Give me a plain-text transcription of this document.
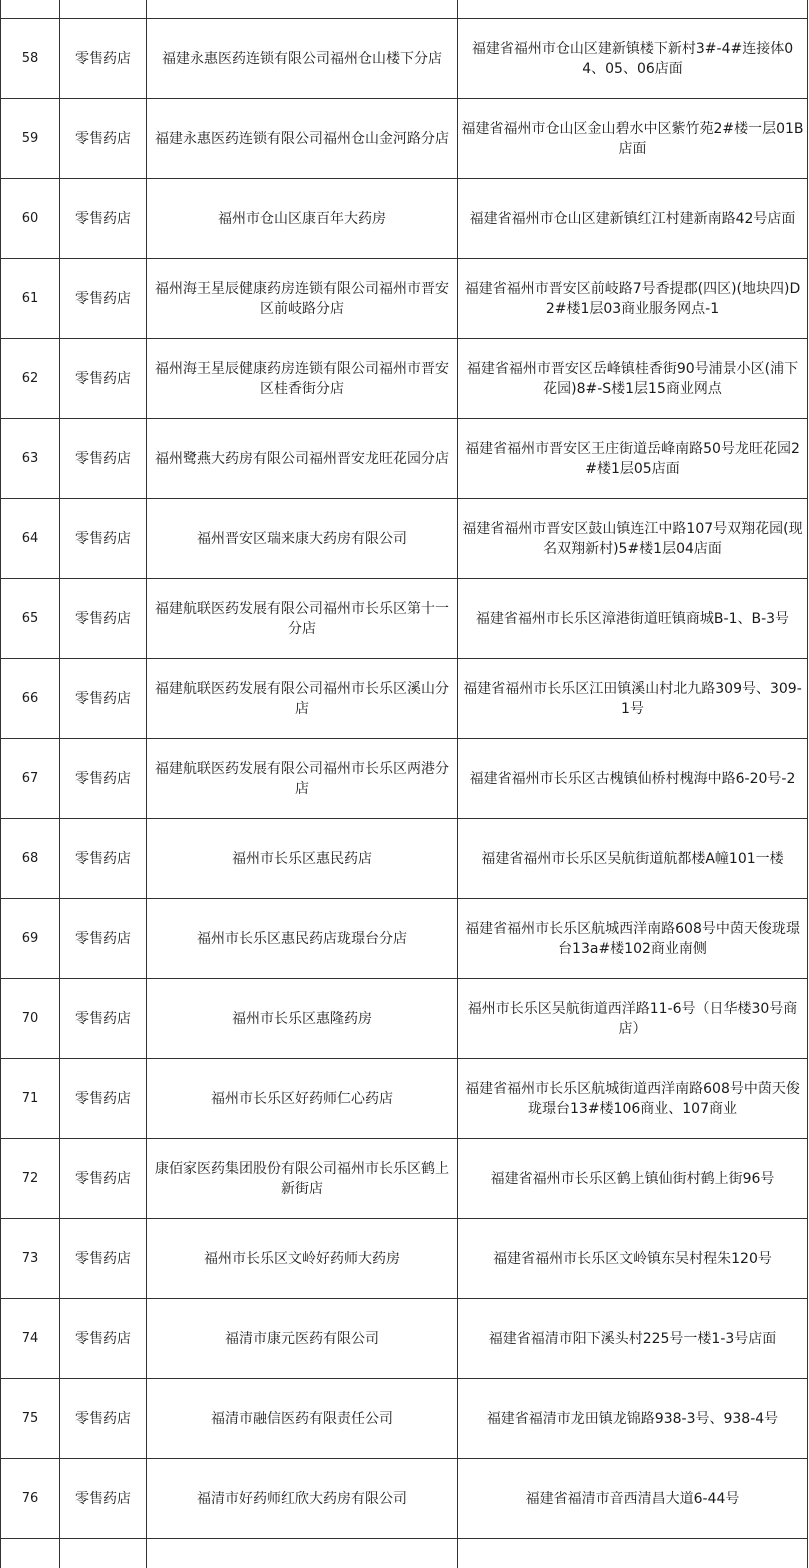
58	零售药店	福建永惠医药连锁有限公司福州仓山楼下分店	福建省福州市仓山区建新镇楼下新村3#-4#连接体04、05、06店面
59	零售药店	福建永惠医药连锁有限公司福州仓山金河路分店	福建省福州市仓山区金山碧水中区紫竹苑2#楼一层01B店面
60	零售药店	福州市仓山区康百年大药房	福建省福州市仓山区建新镇红江村建新南路42号店面
61	零售药店	福州海王星辰健康药房连锁有限公司福州市晋安区前岐路分店	福建省福州市晋安区前岐路7号香提郡(四区)(地块四)D2#楼1层03商业服务网点-1
62	零售药店	福州海王星辰健康药房连锁有限公司福州市晋安区桂香街分店	福建省福州市晋安区岳峰镇桂香街90号浦景小区(浦下花园)8#-S楼1层15商业网点
63	零售药店	福州鹭燕大药房有限公司福州晋安龙旺花园分店	福建省福州市晋安区王庄街道岳峰南路50号龙旺花园2#楼1层05店面
64	零售药店	福州晋安区瑞来康大药房有限公司	福建省福州市晋安区鼓山镇连江中路107号双翔花园(现名双翔新村)5#楼1层04店面
65	零售药店	福建航联医药发展有限公司福州市长乐区第十一分店	福建省福州市长乐区漳港街道旺镇商城B-1、B-3号
66	零售药店	福建航联医药发展有限公司福州市长乐区溪山分店	福建省福州市长乐区江田镇溪山村北九路309号、309-1号
67	零售药店	福建航联医药发展有限公司福州市长乐区两港分店	福建省福州市长乐区古槐镇仙桥村槐海中路6-20号-2
68	零售药店	福州市长乐区惠民药店	福建省福州市长乐区吴航街道航都楼A幢101一楼
69	零售药店	福州市长乐区惠民药店珑璟台分店	福建省福州市长乐区航城西洋南路608号中茵天俊珑璟台13a#楼102商业南侧
70	零售药店	福州市长乐区惠隆药房	福州市长乐区吴航街道西洋路11-6号（日华楼30号商店）
71	零售药店	福州市长乐区好药师仁心药店	福建省福州市长乐区航城街道西洋南路608号中茵天俊珑璟台13#楼106商业、107商业
72	零售药店	康佰家医药集团股份有限公司福州市长乐区鹤上新街店	福建省福州市长乐区鹤上镇仙街村鹤上街96号
73	零售药店	福州市长乐区文岭好药师大药房	福建省福州市长乐区文岭镇东吴村程朱120号
74	零售药店	福清市康元医药有限公司	福建省福清市阳下溪头村225号一楼1-3号店面
75	零售药店	福清市融信医药有限责任公司	福建省福清市龙田镇龙锦路938-3号、938-4号
76	零售药店	福清市好药师红欣大药房有限公司	福建省福清市音西清昌大道6-44号
